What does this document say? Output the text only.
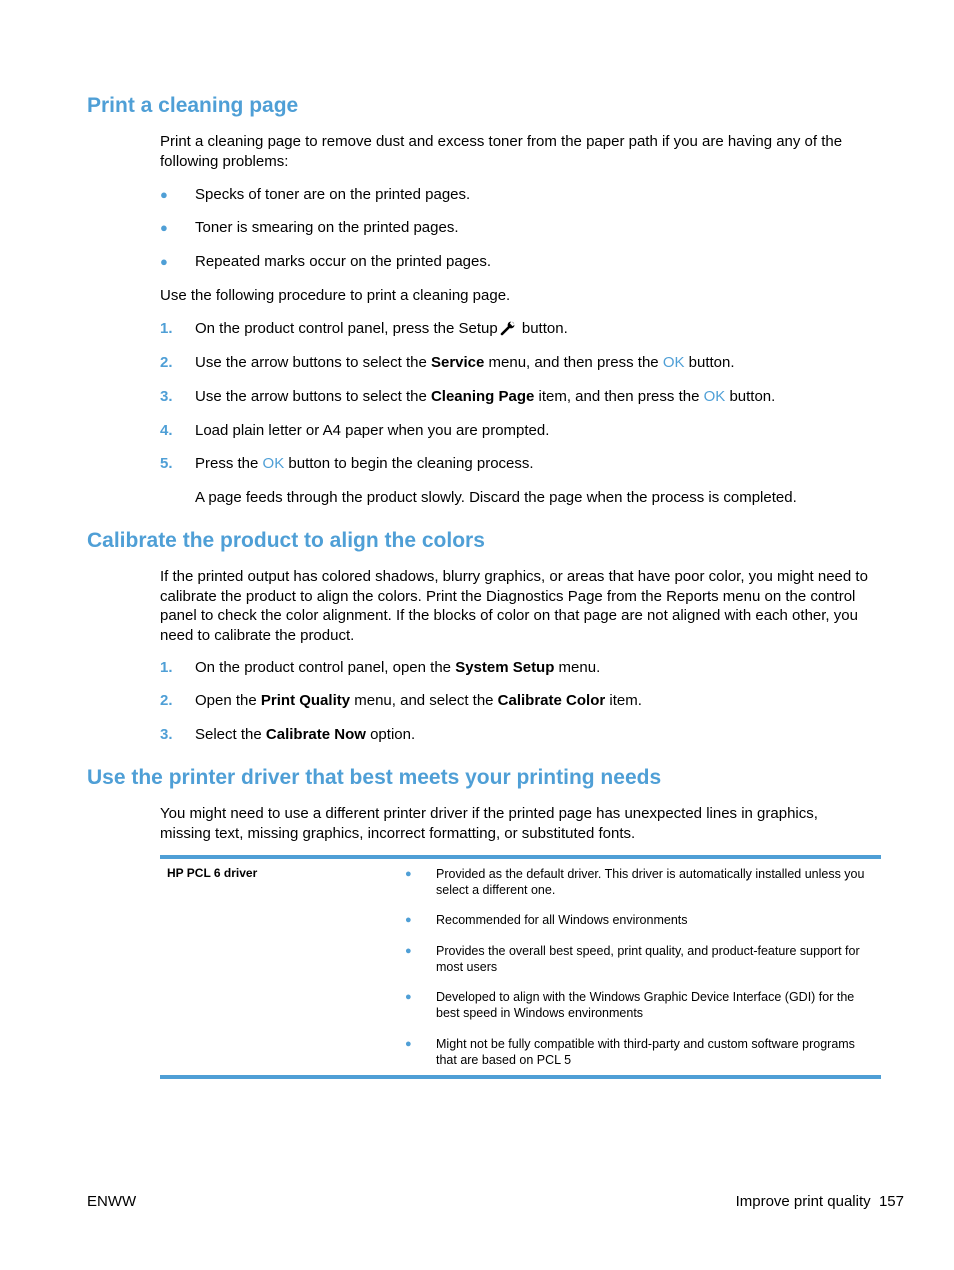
Print a cleaning page

Print a cleaning page to remove dust and excess toner from the paper path if you are having any of the following problems:

● Specks of toner are on the printed pages.
● Toner is smearing on the printed pages.
● Repeated marks occur on the printed pages.

Use the following procedure to print a cleaning page.

1. On the product control panel, press the Setup button.
2. Use the arrow buttons to select the Service menu, and then press the OK button.
3. Use the arrow buttons to select the Cleaning Page item, and then press the OK button.
4. Load plain letter or A4 paper when you are prompted.
5. Press the OK button to begin the cleaning process.
A page feeds through the product slowly. Discard the page when the process is completed.
Calibrate the product to align the colors

If the printed output has colored shadows, blurry graphics, or areas that have poor color, you might need to calibrate the product to align the colors. Print the Diagnostics Page from the Reports menu on the control panel to check the color alignment. If the blocks of color on that page are not aligned with each other, you need to calibrate the product.

1. On the product control panel, open the System Setup menu.
2. Open the Print Quality menu, and select the Calibrate Color item.
3. Select the Calibrate Now option.
Use the printer driver that best meets your printing needs

You might need to use a different printer driver if the printed page has unexpected lines in graphics, missing text, missing graphics, incorrect formatting, or substituted fonts.

HP PCL 6 driver	● Provided as the default driver. This driver is automatically installed unless you select a different one.
● Recommended for all Windows environments
● Provides the overall best speed, print quality, and product-feature support for most users
● Developed to align with the Windows Graphic Device Interface (GDI) for the best speed in Windows environments
● Might not be fully compatible with third-party and custom software programs that are based on PCL 5
ENWW	Improve print quality 157
